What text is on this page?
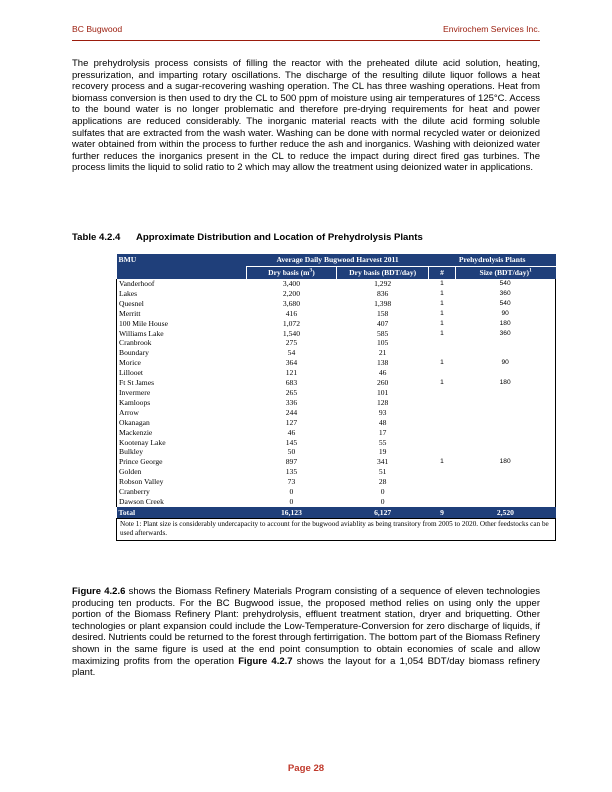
BC Bugwood	Envirochem Services Inc.

The prehydrolysis process consists of filling the reactor with the preheated dilute acid solution, heating, pressurization, and imparting rotary oscillations. The discharge of the resulting dilute liquor follows a heat recovery process and a sugar-recovering washing operation. The CL has three washing operations. Heat from biomass conversion is then used to dry the CL to 500 ppm of moisture using air temperatures of 125°C. Access to the bound water is no longer problematic and therefore pre-drying requirements for heat and power applications are reduced considerably. The inorganic material reacts with the dilute acid forming soluble sulfates that are extracted from the wash water. Washing can be done with normal recycled water or deionized water obtained from within the process to further reduce the ash and inorganics. Washing with deionized water further reduces the inorganics present in the CL to reduce the impact during direct fired gas turbines. The process limits the liquid to solid ratio to 2 which may allow the treatment using deionized water in applications.

Table 4.2.4 Approximate Distribution and Location of Prehydrolysis Plants
BMU	Average Daily Bugwood Harvest 2011		Prehydrolysis Plants	
	Dry basis $(m^3)$	Dry basis (BDT/day)	#	Size $(BDT/day)^1$
Vanderhoof	3,400	1,292	1	540
Lakes	2,200	836	1	360
Quesnel	3,680	1,398	1	540
Merritt	416	158	1	90
100 Mile House	1,072	407	1	180
Williams Lake	1,540	585	1	360
Cranbrook	275	105		
Boundary	54	21		
Morice	364	138	1	90
Lillooet	121	46		
Ft St James	683	260	1	180
Invermere	265	101		
Kamloops	336	128		
Arrow	244	93		
Okanagan	127	48		
Mackenzie	46	17		
Kootenay Lake	145	55		
Bulkley	50	19		
Prince George	897	341	1	180
Golden	135	51		
Robson Valley	73	28		
Cranberry	0	0		
Dawson Creek	0	0		
Total	16,123	6,127	9	2,520
Note 1: Plant size is considerably undercapacity to account for the bugwood aviablity as being transitory from 2005 to 2020. Other feedstocks can be used afterwards.				

Figure 4.2.6 shows the Biomass Refinery Materials Program consisting of a sequence of eleven technologies producing ten products. For the BC Bugwood issue, the proposed method relies on using only the upper portion of the Biomass Refinery Plant: prehydrolysis, effluent treatment station, dryer and briquetting. Other technologies or plant expansion could include the Low-Temperature-Conversion for zero discharge of liquids, if desired. Nutrients could be returned to the forest through fertirrigation. The bottom part of the Biomass Refinery shown in the same figure is used at the end point consumption to obtain economies of scale and allow maximizing profits from the operation Figure 4.2.7 shows the layout for a 1,054 BDT/day biomass refinery plant.

Page 28
